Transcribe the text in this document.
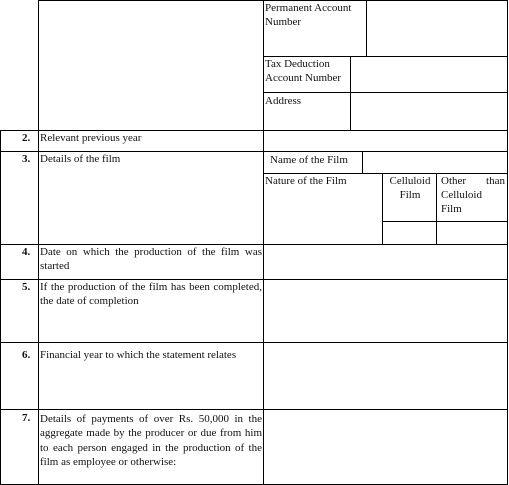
Permanent Account Number
Tax Deduction Account Number
Address
2. Relevant previous year
3. Details of the film
4. Date on which the production of the film was started
5. If the production of the film has been completed, the date of completion
6. Financial year to which the statement relates
7. Details of payments of over Rs. 50,000 in the aggregate made by the producer or due from him to each person engaged in the production of the film as employee or otherwise:
Name of the Film
Nature of the Film	Celluloid Film
Other than Celluloid Film
